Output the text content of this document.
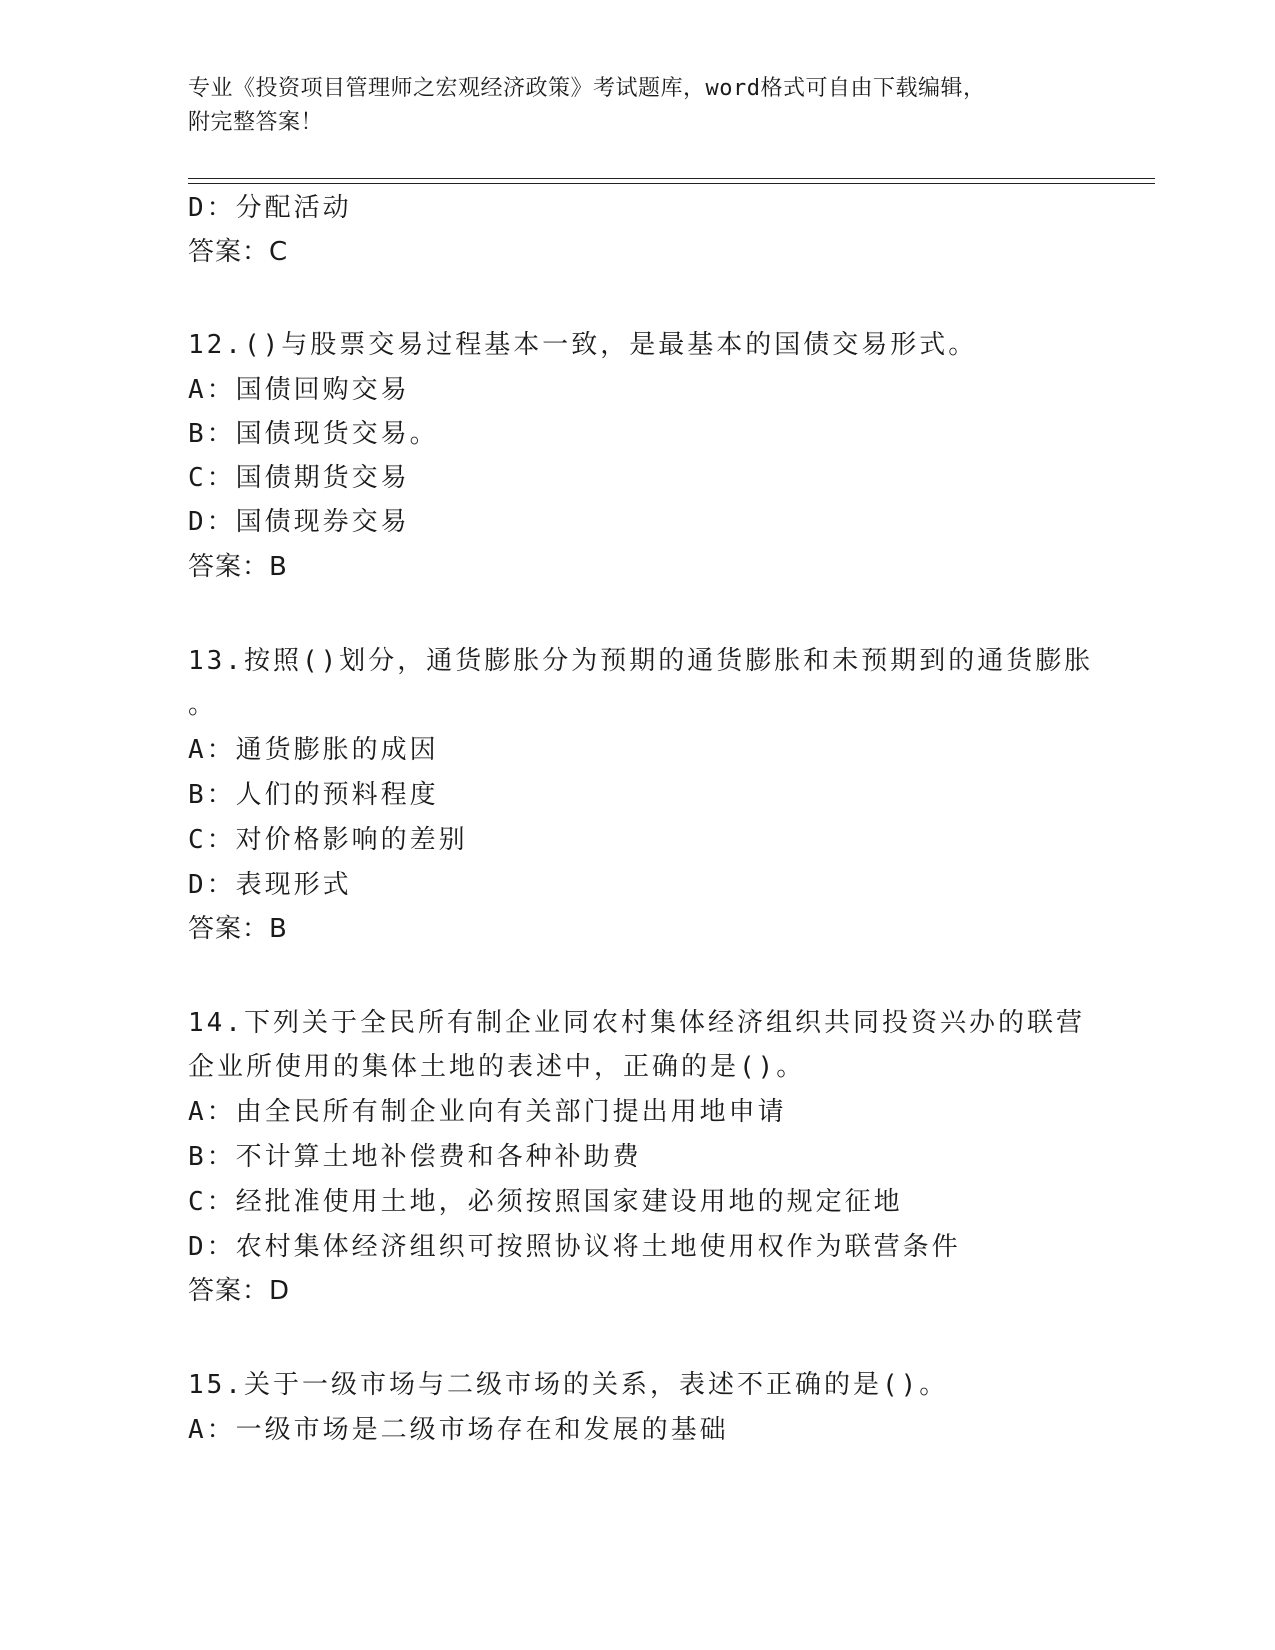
专业《投资项目管理师之宏观经济政策》考试题库，word格式可自由下载编辑，
附完整答案！
D：分配活动
答案：C
12.()与股票交易过程基本一致，是最基本的国债交易形式。
A：国债回购交易
B：国债现货交易。
C：国债期货交易
D：国债现券交易
答案：B
13.按照()划分，通货膨胀分为预期的通货膨胀和未预期到的通货膨胀
。
A：通货膨胀的成因
B：人们的预料程度
C：对价格影响的差别
D：表现形式
答案：B
14.下列关于全民所有制企业同农村集体经济组织共同投资兴办的联营
企业所使用的集体土地的表述中，正确的是()。
A：由全民所有制企业向有关部门提出用地申请
B：不计算土地补偿费和各种补助费
C：经批准使用土地，必须按照国家建设用地的规定征地
D：农村集体经济组织可按照协议将土地使用权作为联营条件
答案：D
15.关于一级市场与二级市场的关系，表述不正确的是()。
A：一级市场是二级市场存在和发展的基础
